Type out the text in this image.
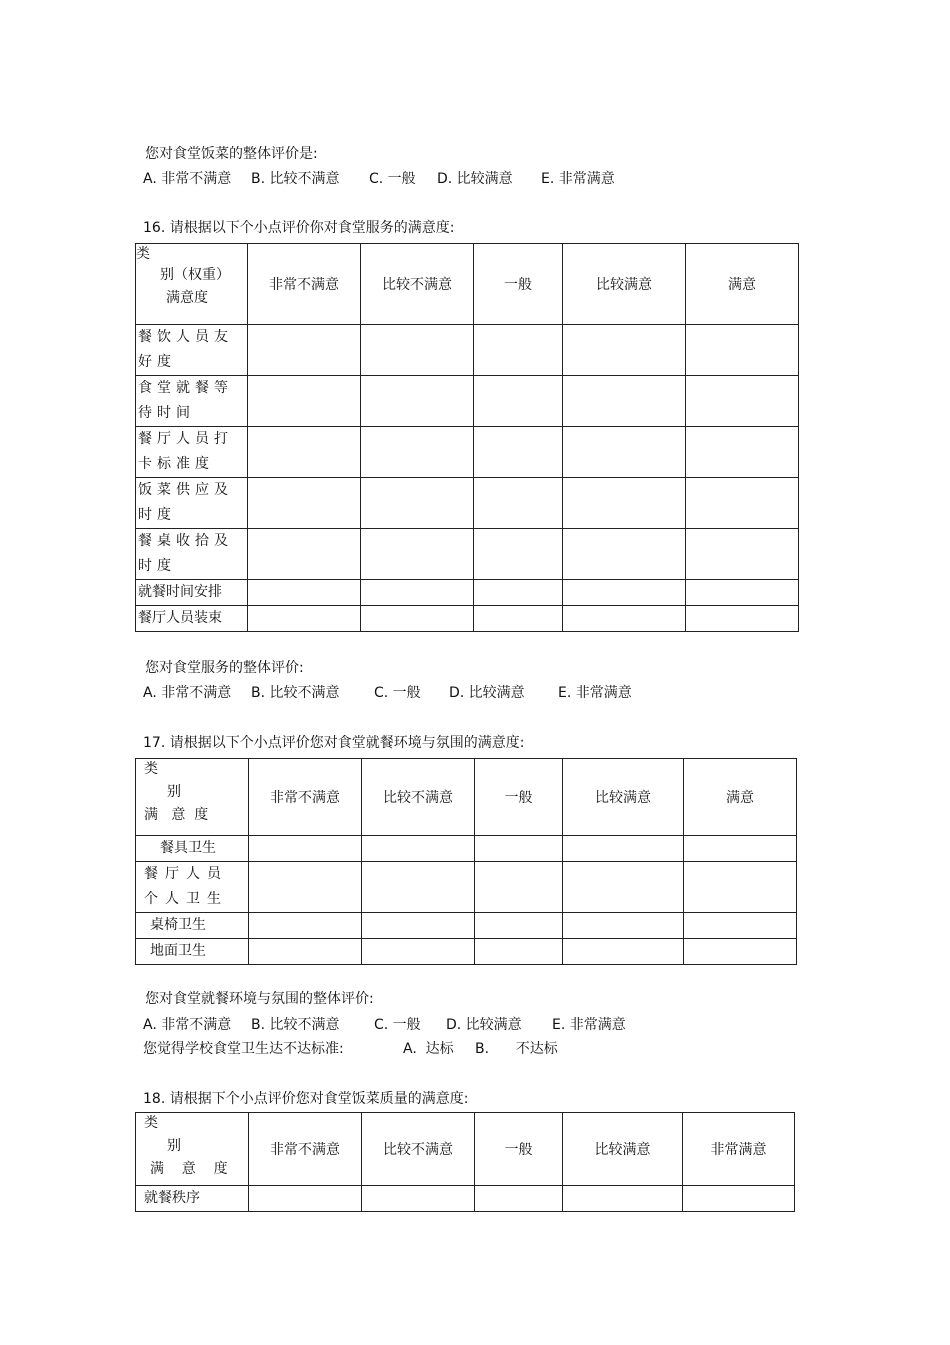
您对食堂饭菜的整体评价是:
A. 非常不满意 B. 比较不满意 C. 一般 D. 比较满意 E. 非常满意
16. 请根据以下个小点评价你对食堂服务的满意度:
类
别（权重）
满意度	非常不满意	比较不满意	一般	比较满意	满意
餐饮人员友好度					
食堂就餐等待时间					
餐厅人员打卡标准度					
饭菜供应及时度					
餐桌收拾及时度					
就餐时间安排					
餐厅人员装束					
您对食堂服务的整体评价:
A. 非常不满意 B. 比较不满意 C. 一般 D. 比较满意 E. 非常满意
17. 请根据以下个小点评价您对食堂就餐环境与氛围的满意度:
类
别
满   意  度	非常不满意	比较不满意	一般	比较满意	满意
餐具卫生					
餐厅人员个人卫生					
桌椅卫生					
地面卫生					
您对食堂就餐环境与氛围的整体评价:
A. 非常不满意 B. 比较不满意 C. 一般 D. 比较满意 E. 非常满意
您觉得学校食堂卫生达不达标准:	A.  达标 B.      不达标
18. 请根据下个小点评价您对食堂饭菜质量的满意度:
类
别
满    意    度	非常不满意	比较不满意	一般	比较满意	非常满意
就餐秩序					
